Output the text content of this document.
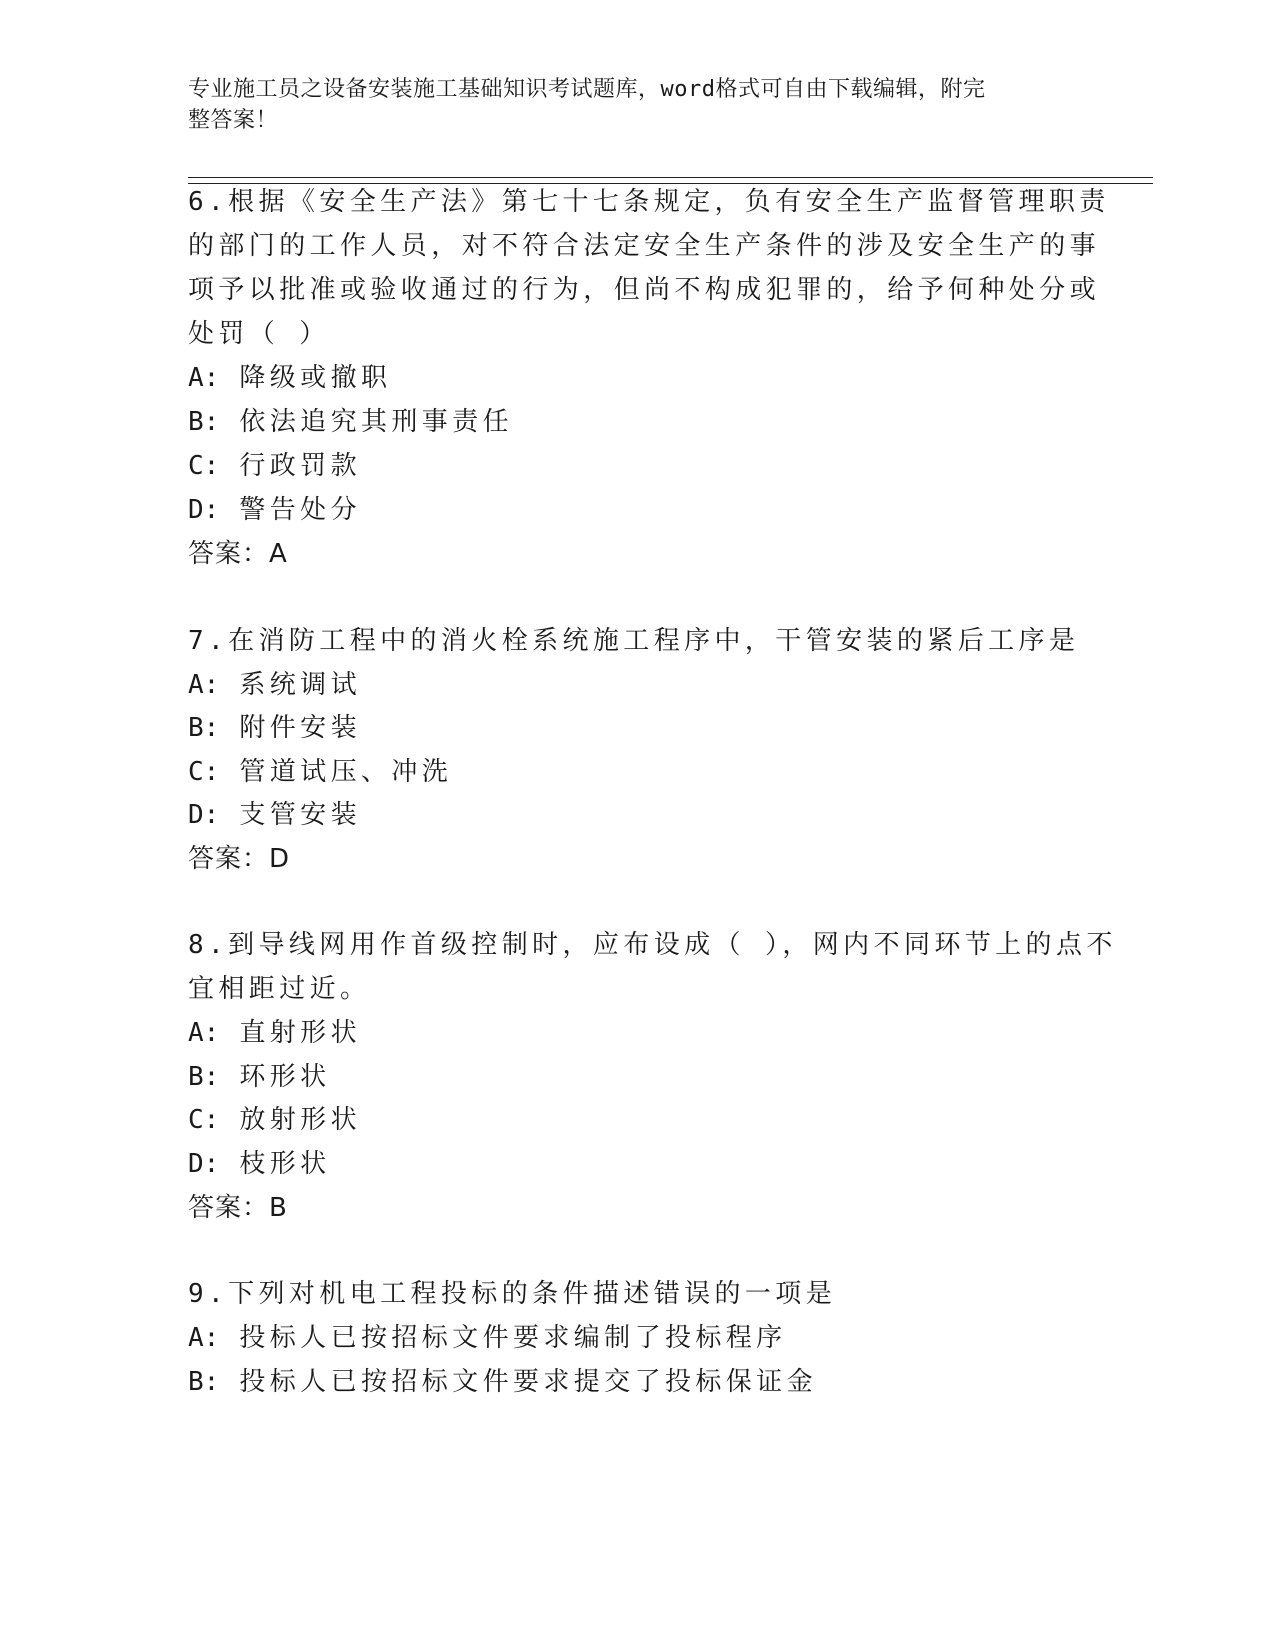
专业施工员之设备安装施工基础知识考试题库，word格式可自由下载编辑，附完
整答案！
6.根据《安全生产法》第七十七条规定，负有安全生产监督管理职责
的部门的工作人员，对不符合法定安全生产条件的涉及安全生产的事
项予以批准或验收通过的行为，但尚不构成犯罪的，给予何种处分或
处罚（ ）
A: 降级或撤职
B: 依法追究其刑事责任
C: 行政罚款
D: 警告处分
答案：A
7.在消防工程中的消火栓系统施工程序中，干管安装的紧后工序是
A: 系统调试
B: 附件安装
C: 管道试压、冲洗
D: 支管安装
答案：D
8.到导线网用作首级控制时，应布设成（ ），网内不同环节上的点不
宜相距过近。
A: 直射形状
B: 环形状
C: 放射形状
D: 枝形状
答案：B
9.下列对机电工程投标的条件描述错误的一项是
A: 投标人已按招标文件要求编制了投标程序
B: 投标人已按招标文件要求提交了投标保证金
